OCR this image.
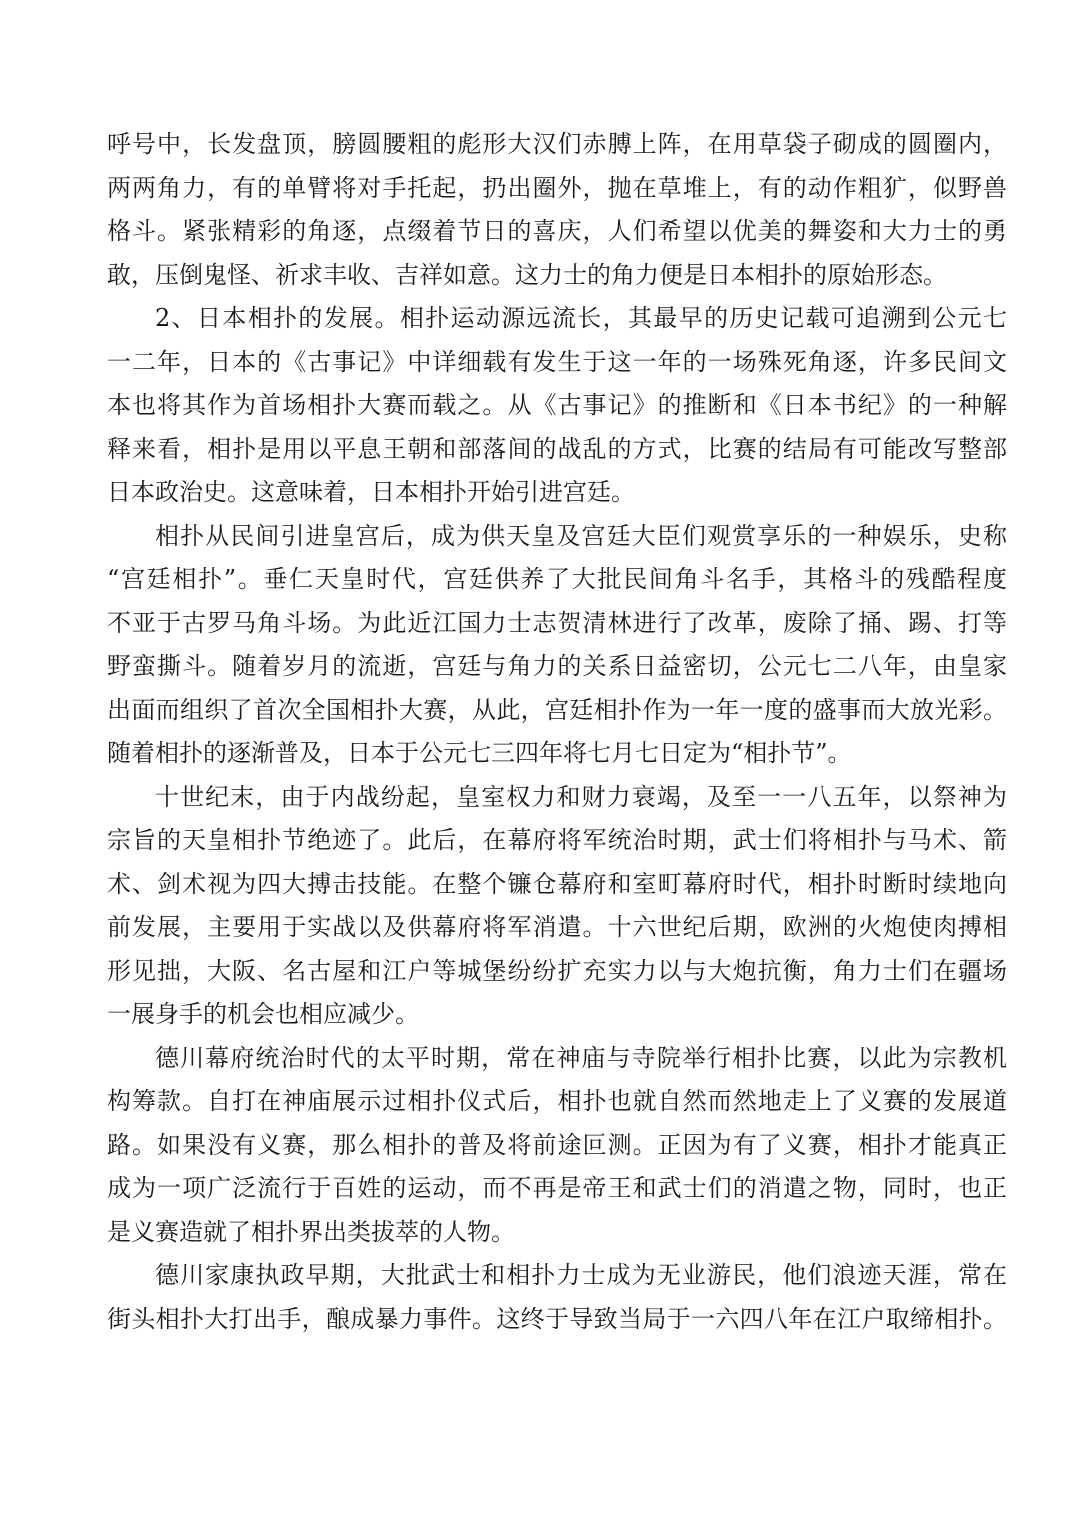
呼号中，长发盘顶，膀圆腰粗的彪形大汉们赤膊上阵，在用草袋子砌成的圆圈内，
两两角力，有的单臂将对手托起，扔出圈外，抛在草堆上，有的动作粗犷，似野兽
格斗。紧张精彩的角逐，点缀着节日的喜庆，人们希望以优美的舞姿和大力士的勇
敢，压倒鬼怪、祈求丰收、吉祥如意。这力士的角力便是日本相扑的原始形态。
2、日本相扑的发展。相扑运动源远流长，其最早的历史记载可追溯到公元七
一二年，日本的《古事记》中详细载有发生于这一年的一场殊死角逐，许多民间文
本也将其作为首场相扑大赛而载之。从《古事记》的推断和《日本书纪》的一种解
释来看，相扑是用以平息王朝和部落间的战乱的方式，比赛的结局有可能改写整部
日本政治史。这意味着，日本相扑开始引进宫廷。
相扑从民间引进皇宫后，成为供天皇及宫廷大臣们观赏享乐的一种娱乐，史称
“宫廷相扑”。垂仁天皇时代，宫廷供养了大批民间角斗名手，其格斗的残酷程度
不亚于古罗马角斗场。为此近江国力士志贺清林进行了改革，废除了捅、踢、打等
野蛮撕斗。随着岁月的流逝，宫廷与角力的关系日益密切，公元七二八年，由皇家
出面而组织了首次全国相扑大赛，从此，宫廷相扑作为一年一度的盛事而大放光彩。
随着相扑的逐渐普及，日本于公元七三四年将七月七日定为“相扑节”。
十世纪末，由于内战纷起，皇室权力和财力衰竭，及至一一八五年，以祭神为
宗旨的天皇相扑节绝迹了。此后，在幕府将军统治时期，武士们将相扑与马术、箭
术、剑术视为四大搏击技能。在整个镰仓幕府和室町幕府时代，相扑时断时续地向
前发展，主要用于实战以及供幕府将军消遣。十六世纪后期，欧洲的火炮使肉搏相
形见拙，大阪、名古屋和江户等城堡纷纷扩充实力以与大炮抗衡，角力士们在疆场
一展身手的机会也相应减少。
德川幕府统治时代的太平时期，常在神庙与寺院举行相扑比赛，以此为宗教机
构筹款。自打在神庙展示过相扑仪式后，相扑也就自然而然地走上了义赛的发展道
路。如果没有义赛，那么相扑的普及将前途叵测。正因为有了义赛，相扑才能真正
成为一项广泛流行于百姓的运动，而不再是帝王和武士们的消遣之物，同时，也正
是义赛造就了相扑界出类拔萃的人物。
德川家康执政早期，大批武士和相扑力士成为无业游民，他们浪迹天涯，常在
街头相扑大打出手，酿成暴力事件。这终于导致当局于一六四八年在江户取缔相扑。
